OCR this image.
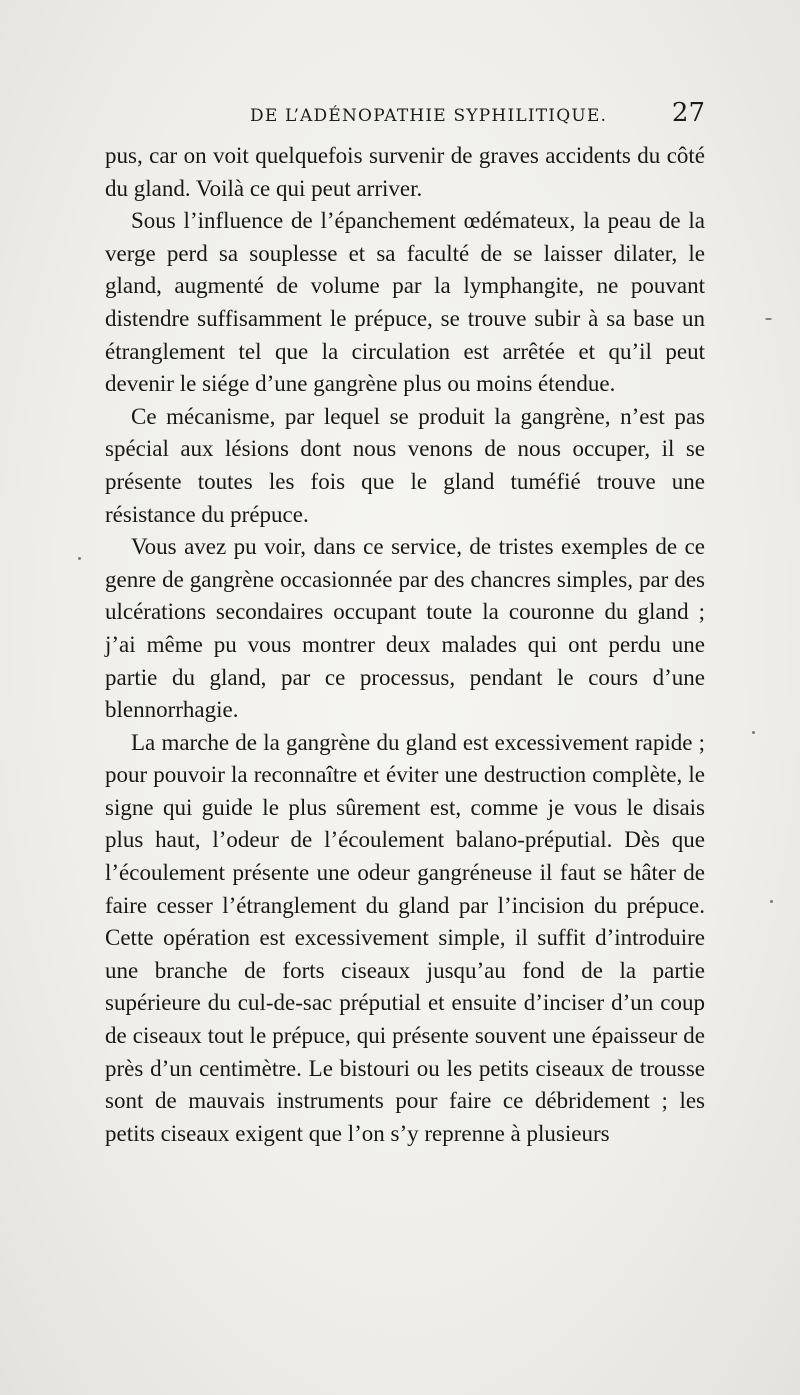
DE L’ADÉNOPATHIE SYPHILITIQUE. 27

pus, car on voit quelquefois survenir de graves accidents du côté du gland. Voilà ce qui peut arriver.

Sous l’influence de l’épanchement œdémateux, la peau de la verge perd sa souplesse et sa faculté de se laisser dilater, le gland, augmenté de volume par la lymphangite, ne pouvant distendre suffisamment le prépuce, se trouve subir à sa base un étranglement tel que la circulation est arrêtée et qu’il peut devenir le siége d’une gangrène plus ou moins étendue.

Ce mécanisme, par lequel se produit la gangrène, n’est pas spécial aux lésions dont nous venons de nous occuper, il se présente toutes les fois que le gland tuméfié trouve une résistance du prépuce.

Vous avez pu voir, dans ce service, de tristes exemples de ce genre de gangrène occasionnée par des chancres simples, par des ulcérations secondaires occupant toute la couronne du gland ; j’ai même pu vous montrer deux malades qui ont perdu une partie du gland, par ce processus, pendant le cours d’une blennorrhagie.

La marche de la gangrène du gland est excessivement rapide ; pour pouvoir la reconnaître et éviter une destruction complète, le signe qui guide le plus sûrement est, comme je vous le disais plus haut, l’odeur de l’écoulement balano-préputial. Dès que l’écoulement présente une odeur gangréneuse il faut se hâter de faire cesser l’étranglement du gland par l’incision du prépuce. Cette opération est excessivement simple, il suffit d’introduire une branche de forts ciseaux jusqu’au fond de la partie supérieure du cul-de-sac préputial et ensuite d’inciser d’un coup de ciseaux tout le prépuce, qui présente souvent une épaisseur de près d’un centimètre. Le bistouri ou les petits ciseaux de trousse sont de mauvais instruments pour faire ce débridement ; les petits ciseaux exigent que l’on s’y reprenne à plusieurs
